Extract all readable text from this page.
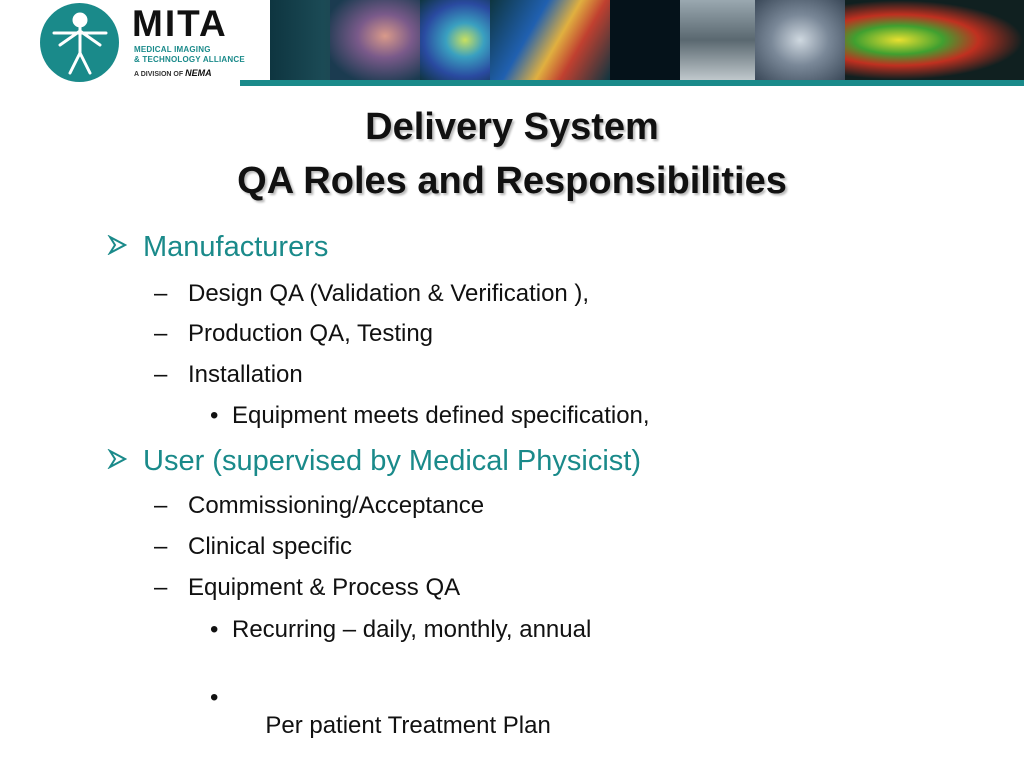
MITA
MEDICAL IMAGING
& TECHNOLOGY ALLIANCE
A DIVISION OF NEMA
Delivery System
QA Roles and Responsibilities
Manufacturers
– Design QA (Validation & Verification ),
– Production QA, Testing
– Installation
• Equipment meets defined specification,
User (supervised by Medical Physicist)
– Commissioning/Acceptance
– Clinical specific
– Equipment & Process QA
• Recurring – daily, monthly, annual

•

Per patient Treatment Plan
